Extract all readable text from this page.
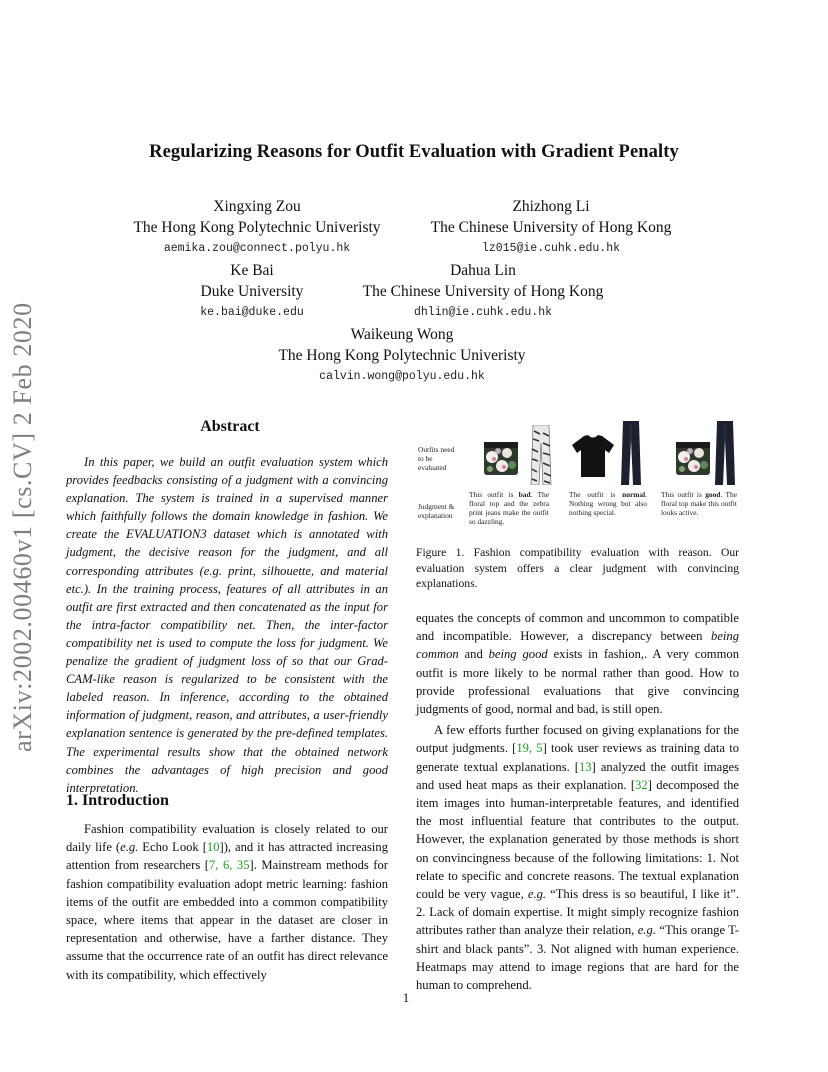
arXiv:2002.00460v1 [cs.CV] 2 Feb 2020
Regularizing Reasons for Outfit Evaluation with Gradient Penalty
Xingxing Zou
The Hong Kong Polytechnic Univeristy
aemika.zou@connect.polyu.hk
Zhizhong Li
The Chinese University of Hong Kong
lz015@ie.cuhk.edu.hk
Ke Bai
Duke University
ke.bai@duke.edu
Dahua Lin
The Chinese University of Hong Kong
dhlin@ie.cuhk.edu.hk
Waikeung Wong
The Hong Kong Polytechnic Univeristy
calvin.wong@polyu.edu.hk
Abstract
In this paper, we build an outfit evaluation system which provides feedbacks consisting of a judgment with a convincing explanation. The system is trained in a supervised manner which faithfully follows the domain knowledge in fashion. We create the EVALUATION3 dataset which is annotated with judgment, the decisive reason for the judgment, and all corresponding attributes (e.g. print, silhouette, and material etc.). In the training process, features of all attributes in an outfit are first extracted and then concatenated as the input for the intra-factor compatibility net. Then, the inter-factor compatibility net is used to compute the loss for judgment. We penalize the gradient of judgment loss of so that our Grad-CAM-like reason is regularized to be consistent with the labeled reason. In inference, according to the obtained information of judgment, reason, and attributes, a user-friendly explanation sentence is generated by the pre-defined templates. The experimental results show that the obtained network combines the advantages of high precision and good interpretation.
1. Introduction
Fashion compatibility evaluation is closely related to our daily life (e.g. Echo Look [10]), and it has attracted increasing attention from researchers [7, 6, 35]. Mainstream methods for fashion compatibility evaluation adopt metric learning: fashion items of the outfit are embedded into a common compatibility space, where items that appear in the dataset are closer in representation and otherwise, have a farther distance. They assume that the occurrence rate of an outfit has direct relevance with its compatibility, which effectively
Outfits need to be evaluated
Judgment & explanation
This outfit is bad. The floral top and the zebra print jeans make the outfit so dazzling.
The outfit is normal. Nothing wrong but also nothing special.
This outfit is good. The floral top make this outfit looks active.
Figure 1. Fashion compatibility evaluation with reason. Our evaluation system offers a clear judgment with convincing explanations.

equates the concepts of common and uncommon to compatible and incompatible. However, a discrepancy between being common and being good exists in fashion,. A very common outfit is more likely to be normal rather than good. How to provide professional evaluations that give convincing judgments of good, normal and bad, is still open.

A few efforts further focused on giving explanations for the output judgments. [19, 5] took user reviews as training data to generate textual explanations. [13] analyzed the outfit images and used heat maps as their explanation. [32] decomposed the item images into human-interpretable features, and identified the most influential feature that contributes to the output. However, the explanation generated by those methods is short on convincingness because of the following limitations: 1. Not relate to specific and concrete reasons. The textual explanation could be very vague, e.g. “This dress is so beautiful, I like it”. 2. Lack of domain expertise. It might simply recognize fashion attributes rather than analyze their relation, e.g. “This orange T-shirt and black pants”. 3. Not aligned with human experience. Heatmaps may attend to image regions that are hard for the human to comprehend.

1
